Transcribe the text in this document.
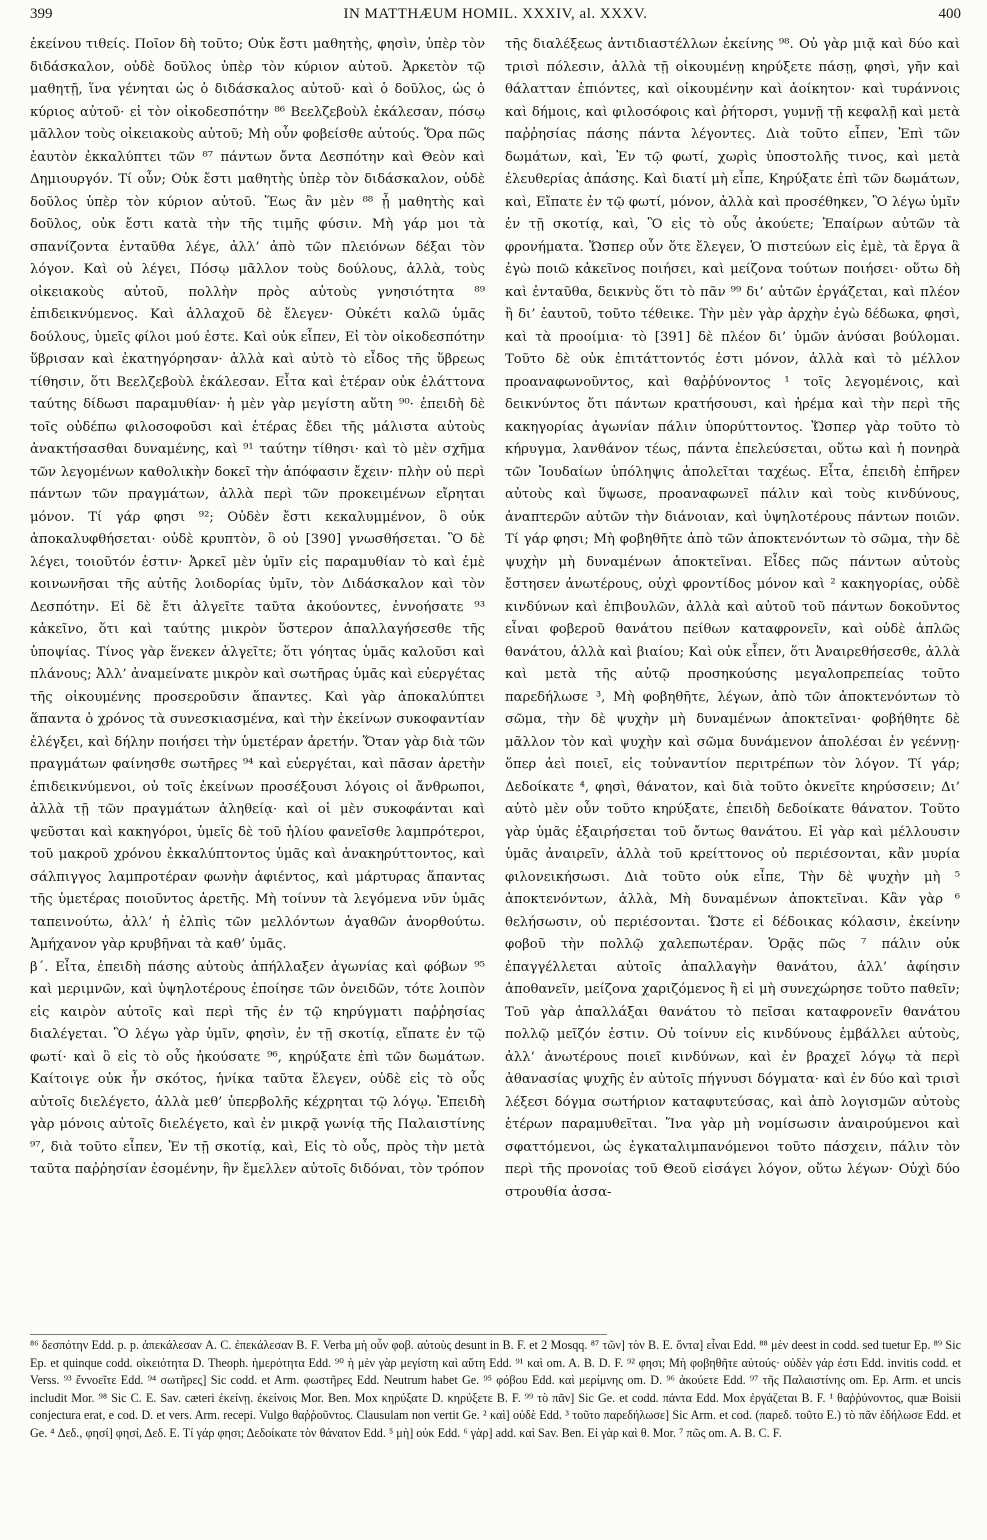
399	IN MATTHÆUM HOMIL. XXXIV, al. XXXV.	400

ἐκείνου τιθείς. Ποῖον δὴ τοῦτο; Οὐκ ἔστι μαθητὴς, φησὶν, ὑπὲρ τὸν διδάσκαλον, οὐδὲ δοῦλος ὑπὲρ τὸν κύριον αὐτοῦ. Ἀρκετὸν τῷ μαθητῇ, ἵνα γένηται ὡς ὁ διδάσκαλος αὐτοῦ· καὶ ὁ δοῦλος, ὡς ὁ κύριος αὐτοῦ· εἰ τὸν οἰκοδεσπότην ⁸⁶ Βεελζεβοὺλ ἐκάλεσαν, πόσῳ μᾶλλον τοὺς οἰκειακοὺς αὐτοῦ; Μὴ οὖν φοβείσθε αὐτούς. Ὅρα πῶς ἑαυτὸν ἐκκαλύπτει τῶν ⁸⁷ πάντων ὄντα Δεσπότην καὶ Θεὸν καὶ Δημιουργόν. Τί οὖν; Οὐκ ἔστι μαθητὴς ὑπὲρ τὸν διδάσκαλον, οὐδὲ δοῦλος ὑπὲρ τὸν κύριον αὐτοῦ. Ἕως ἂν μὲν ⁸⁸ ᾖ μαθητὴς καὶ δοῦλος, οὐκ ἔστι κατὰ τὴν τῆς τιμῆς φύσιν. Μὴ γάρ μοι τὰ σπανίζοντα ἐνταῦθα λέγε, ἀλλ’ ἀπὸ τῶν πλειόνων δέξαι τὸν λόγον. Καὶ οὐ λέγει, Πόσῳ μᾶλλον τοὺς δούλους, ἀλλὰ, τοὺς οἰκειακοὺς αὐτοῦ, πολλὴν πρὸς αὐτοὺς γνησιότητα ⁸⁹ ἐπιδεικνύμενος. Καὶ ἀλλαχοῦ δὲ ἔλεγεν· Οὐκέτι καλῶ ὑμᾶς δούλους, ὑμεῖς φίλοι μού ἐστε. Καὶ οὐκ εἶπεν, Εἰ τὸν οἰκοδεσπότην ὕβρισαν καὶ ἐκατηγόρησαν· ἀλλὰ καὶ αὐτὸ τὸ εἶδος τῆς ὕβρεως τίθησιν, ὅτι Βεελζεβοὺλ ἐκάλεσαν. Εἶτα καὶ ἑτέραν οὐκ ἐλάττονα ταύτης δίδωσι παραμυθίαν· ἡ μὲν γὰρ μεγίστη αὕτη ⁹⁰· ἐπειδὴ δὲ τοῖς οὐδέπω φιλοσοφοῦσι καὶ ἑτέρας ἔδει τῆς μάλιστα αὐτοὺς ἀνακτήσασθαι δυναμένης, καὶ ⁹¹ ταύτην τίθησι· καὶ τὸ μὲν σχῆμα τῶν λεγομένων καθολικὴν δοκεῖ τὴν ἀπόφασιν ἔχειν· πλὴν οὐ περὶ πάντων τῶν πραγμάτων, ἀλλὰ περὶ τῶν προκειμένων εἴρηται μόνον. Τί γάρ φησι ⁹²; Οὐδὲν ἔστι κεκαλυμμένον, ὃ οὐκ ἀποκαλυφθήσεται· οὐδὲ κρυπτὸν, ὃ οὐ [390] γνωσθήσεται. Ὃ δὲ λέγει, τοιοῦτόν ἐστιν· Ἀρκεῖ μὲν ὑμῖν εἰς παραμυθίαν τὸ καὶ ἐμὲ κοινωνῆσαι τῆς αὐτῆς λοιδορίας ὑμῖν, τὸν Διδάσκαλον καὶ τὸν Δεσπότην. Εἰ δὲ ἔτι ἀλγεῖτε ταῦτα ἀκούοντες, ἐννοήσατε ⁹³ κἀκεῖνο, ὅτι καὶ ταύτης μικρὸν ὕστερον ἀπαλλαγήσεσθε τῆς ὑποψίας. Τίνος γὰρ ἕνεκεν ἀλγεῖτε; ὅτι γόητας ὑμᾶς καλοῦσι καὶ πλάνους; Ἀλλ’ ἀναμείνατε μικρὸν καὶ σωτῆρας ὑμᾶς καὶ εὐεργέτας τῆς οἰκουμένης προσεροῦσιν ἅπαντες. Καὶ γὰρ ἀποκαλύπτει ἅπαντα ὁ χρόνος τὰ συνεσκιασμένα, καὶ τὴν ἐκείνων συκοφαντίαν ἐλέγξει, καὶ δήλην ποιήσει τὴν ὑμετέραν ἀρετήν. Ὅταν γὰρ διὰ τῶν πραγμάτων φαίνησθε σωτῆρες ⁹⁴ καὶ εὐεργέται, καὶ πᾶσαν ἀρετὴν ἐπιδεικνύμενοι, οὐ τοῖς ἐκείνων προσέξουσι λόγοις οἱ ἄνθρωποι, ἀλλὰ τῇ τῶν πραγμάτων ἀληθείᾳ· καὶ οἱ μὲν συκοφάνται καὶ ψεῦσται καὶ κακηγόροι, ὑμεῖς δὲ τοῦ ἡλίου φανεῖσθε λαμπρότεροι, τοῦ μακροῦ χρόνου ἐκκαλύπτοντος ὑμᾶς καὶ ἀνακηρύττοντος, καὶ σάλπιγγος λαμπροτέραν φωνὴν ἀφιέντος, καὶ μάρτυρας ἅπαντας τῆς ὑμετέρας ποιοῦντος ἀρετῆς. Μὴ τοίνυν τὰ λεγόμενα νῦν ὑμᾶς ταπεινούτω, ἀλλ’ ἡ ἐλπὶς τῶν μελλόντων ἀγαθῶν ἀνορθούτω. Ἀμήχανον γὰρ κρυβῆναι τὰ καθ’ ὑμᾶς.

β΄. Εἶτα, ἐπειδὴ πάσης αὐτοὺς ἀπήλλαξεν ἀγωνίας καὶ φόβων ⁹⁵ καὶ μεριμνῶν, καὶ ὑψηλοτέρους ἐποίησε τῶν ὀνειδῶν, τότε λοιπὸν εἰς καιρὸν αὐτοῖς καὶ περὶ τῆς ἐν τῷ κηρύγματι παῤῥησίας διαλέγεται. Ὃ λέγω γὰρ ὑμῖν, φησὶν, ἐν τῇ σκοτίᾳ, εἴπατε ἐν τῷ φωτί· καὶ ὃ εἰς τὸ οὖς ἠκούσατε ⁹⁶, κηρύξατε ἐπὶ τῶν δωμάτων. Καίτοιγε οὐκ ἦν σκότος, ἡνίκα ταῦτα ἔλεγεν, οὐδὲ εἰς τὸ οὖς αὐτοῖς διελέγετο, ἀλλὰ μεθ’ ὑπερβολῆς κέχρηται τῷ λόγῳ. Ἐπειδὴ γὰρ μόνοις αὐτοῖς διελέγετο, καὶ ἐν μικρᾷ γωνίᾳ τῆς Παλαιστίνης ⁹⁷, διὰ τοῦτο εἶπεν, Ἐν τῇ σκοτίᾳ, καὶ, Εἰς τὸ οὖς, πρὸς τὴν μετὰ ταῦτα παῤῥησίαν ἐσομένην, ἣν ἔμελλεν αὐτοῖς διδόναι, τὸν τρόπον

τῆς διαλέξεως ἀντιδιαστέλλων ἐκείνης ⁹⁸. Οὐ γὰρ μιᾷ καὶ δύο καὶ τρισὶ πόλεσιν, ἀλλὰ τῇ οἰκουμένῃ κηρύξετε πάσῃ, φησὶ, γῆν καὶ θάλατταν ἐπιόντες, καὶ οἰκουμένην καὶ ἀοίκητον· καὶ τυράννοις καὶ δήμοις, καὶ φιλοσόφοις καὶ ῥήτορσι, γυμνῇ τῇ κεφαλῇ καὶ μετὰ παῤῥησίας πάσης πάντα λέγοντες. Διὰ τοῦτο εἶπεν, Ἐπὶ τῶν δωμάτων, καὶ, Ἐν τῷ φωτί, χωρὶς ὑποστολῆς τινος, καὶ μετὰ ἐλευθερίας ἁπάσης. Καὶ διατί μὴ εἶπε, Κηρύξατε ἐπὶ τῶν δωμάτων, καὶ, Εἴπατε ἐν τῷ φωτί, μόνον, ἀλλὰ καὶ προσέθηκεν, Ὃ λέγω ὑμῖν ἐν τῇ σκοτίᾳ, καὶ, Ὃ εἰς τὸ οὖς ἀκούετε; Ἐπαίρων αὐτῶν τὰ φρονήματα. Ὥσπερ οὖν ὅτε ἔλεγεν, Ὁ πιστεύων εἰς ἐμὲ, τὰ ἔργα ἃ ἐγὼ ποιῶ κἀκεῖνος ποιήσει, καὶ μείζονα τούτων ποιήσει· οὕτω δὴ καὶ ἐνταῦθα, δεικνὺς ὅτι τὸ πᾶν ⁹⁹ δι’ αὐτῶν ἐργάζεται, καὶ πλέον ἢ δι’ ἑαυτοῦ, τοῦτο τέθεικε. Τὴν μὲν γὰρ ἀρχὴν ἐγὼ δέδωκα, φησὶ, καὶ τὰ προοίμια· τὸ [391] δὲ πλέον δι’ ὑμῶν ἀνύσαι βούλομαι. Τοῦτο δὲ οὐκ ἐπιτάττοντός ἐστι μόνον, ἀλλὰ καὶ τὸ μέλλον προαναφωνοῦντος, καὶ θαῤῥύνοντος ¹ τοῖς λεγομένοις, καὶ δεικνύντος ὅτι πάντων κρατήσουσι, καὶ ἠρέμα καὶ τὴν περὶ τῆς κακηγορίας ἀγωνίαν πάλιν ὑπορύττοντος. Ὥσπερ γὰρ τοῦτο τὸ κήρυγμα, λανθάνον τέως, πάντα ἐπελεύσεται, οὕτω καὶ ἡ πονηρὰ τῶν Ἰουδαίων ὑπόληψις ἀπολεῖται ταχέως. Εἶτα, ἐπειδὴ ἐπῆρεν αὐτοὺς καὶ ὕψωσε, προαναφωνεῖ πάλιν καὶ τοὺς κινδύνους, ἀναπτερῶν αὐτῶν τὴν διάνοιαν, καὶ ὑψηλοτέρους πάντων ποιῶν. Τί γάρ φησι; Μὴ φοβηθῆτε ἀπὸ τῶν ἀποκτενόντων τὸ σῶμα, τὴν δὲ ψυχὴν μὴ δυναμένων ἀποκτεῖναι. Εἶδες πῶς πάντων αὐτοὺς ἔστησεν ἀνωτέρους, οὐχὶ φροντίδος μόνον καὶ ² κακηγορίας, οὐδὲ κινδύνων καὶ ἐπιβουλῶν, ἀλλὰ καὶ αὐτοῦ τοῦ πάντων δοκοῦντος εἶναι φοβεροῦ θανάτου πείθων καταφρονεῖν, καὶ οὐδὲ ἁπλῶς θανάτου, ἀλλὰ καὶ βιαίου; Καὶ οὐκ εἶπεν, ὅτι Ἀναιρεθήσεσθε, ἀλλὰ καὶ μετὰ τῆς αὐτῷ προσηκούσης μεγαλοπρεπείας τοῦτο παρεδήλωσε ³, Μὴ φοβηθῆτε, λέγων, ἀπὸ τῶν ἀποκτενόντων τὸ σῶμα, τὴν δὲ ψυχὴν μὴ δυναμένων ἀποκτεῖναι· φοβήθητε δὲ μᾶλλον τὸν καὶ ψυχὴν καὶ σῶμα δυνάμενον ἀπολέσαι ἐν γεέννῃ· ὅπερ ἀεὶ ποιεῖ, εἰς τοὐναντίον περιτρέπων τὸν λόγον. Τί γάρ; Δεδοίκατε ⁴, φησὶ, θάνατον, καὶ διὰ τοῦτο ὀκνεῖτε κηρύσσειν; Δι’ αὐτὸ μὲν οὖν τοῦτο κηρύξατε, ἐπειδὴ δεδοίκατε θάνατον. Τοῦτο γὰρ ὑμᾶς ἐξαιρήσεται τοῦ ὄντως θανάτου. Εἰ γὰρ καὶ μέλλουσιν ὑμᾶς ἀναιρεῖν, ἀλλὰ τοῦ κρείττονος οὐ περιέσονται, κἂν μυρία φιλονεικήσωσι. Διὰ τοῦτο οὐκ εἶπε, Τὴν δὲ ψυχὴν μὴ ⁵ ἀποκτενόντων, ἀλλὰ, Μὴ δυναμένων ἀποκτεῖναι. Κἂν γὰρ ⁶ θελήσωσιν, οὐ περιέσονται. Ὥστε εἰ δέδοικας κόλασιν, ἐκείνην φοβοῦ τὴν πολλῷ χαλεπωτέραν. Ὁρᾷς πῶς ⁷ πάλιν οὐκ ἐπαγγέλλεται αὐτοῖς ἀπαλλαγὴν θανάτου, ἀλλ’ ἀφίησιν ἀποθανεῖν, μείζονα χαριζόμενος ἢ εἰ μὴ συνεχώρησε τοῦτο παθεῖν; Τοῦ γὰρ ἀπαλλάξαι θανάτου τὸ πεῖσαι καταφρονεῖν θανάτου πολλῷ μεῖζόν ἐστιν. Οὐ τοίνυν εἰς κινδύνους ἐμβάλλει αὐτοὺς, ἀλλ’ ἀνωτέρους ποιεῖ κινδύνων, καὶ ἐν βραχεῖ λόγῳ τὰ περὶ ἀθανασίας ψυχῆς ἐν αὐτοῖς πήγνυσι δόγματα· καὶ ἐν δύο καὶ τρισὶ λέξεσι δόγμα σωτήριον καταφυτεύσας, καὶ ἀπὸ λογισμῶν αὐτοὺς ἑτέρων παραμυθεῖται. Ἵνα γὰρ μὴ νομίσωσιν ἀναιρούμενοι καὶ σφαττόμενοι, ὡς ἐγκαταλιμπανόμενοι τοῦτο πάσχειν, πάλιν τὸν περὶ τῆς προνοίας τοῦ Θεοῦ εἰσάγει λόγον, οὕτω λέγων· Οὐχὶ δύο στρουθία ἀσσα-

⁸⁶ δεσπότην Edd. p. p. ἀπεκάλεσαν A. C. ἐπεκάλεσαν B. F. Verba μὴ οὖν φοβ. αὐτοὺς desunt in B. F. et 2 Mosqq. ⁸⁷ τῶν] τὸν B. E. ὄντα] εἶναι Edd. ⁸⁸ μὲν deest in codd. sed tuetur Ep. ⁸⁹ Sic Ep. et quinque codd. οἰκειότητα D. Theoph. ἡμερότητα Edd. ⁹⁰ ἡ μὲν γὰρ μεγίστη καὶ αὕτη Edd. ⁹¹ καὶ om. A. B. D. F. ⁹² φησι; Μὴ φοβηθῆτε αὐτούς· οὐδὲν γάρ ἐστι Edd. invitis codd. et Verss. ⁹³ ἔννοεῖτε Edd. ⁹⁴ σωτῆρες] Sic codd. et Arm. φωστῆρες Edd. Neutrum habet Ge. ⁹⁵ φόβου Edd. καὶ μερίμνης om. D. ⁹⁶ ἀκούετε Edd. ⁹⁷ τῆς Παλαιστίνης om. Ep. Arm. et uncis includit Mor. ⁹⁸ Sic C. E. Sav. cæteri ἐκείνῃ. ἐκείνοις Mor. Ben. Mox κηρύξατε D. κηρύξετε B. F. ⁹⁹ τὸ πᾶν] Sic Ge. et codd. πάντα Edd. Mox ἐργάζεται B. F. ¹ θαῤῥύνοντος, quæ Boisii conjectura erat, e cod. D. et vers. Arm. recepi. Vulgo θαῤῥοῦντος. Clausulam non vertit Ge. ² καὶ] οὐδὲ Edd. ³ τοῦτο παρεδήλωσε] Sic Arm. et cod. (παρεδ. τοῦτο E.) τὸ πᾶν ἐδήλωσε Edd. et Ge. ⁴ Δεδ., φησί] φησί, Δεδ. E. Τί γάρ φησι; Δεδοίκατε τὸν θάνατον Edd. ⁵ μὴ] οὐκ Edd. ⁶ γὰρ] add. καὶ Sav. Ben. Εἰ γὰρ καὶ θ. Mor. ⁷ πῶς om. A. B. C. F.
